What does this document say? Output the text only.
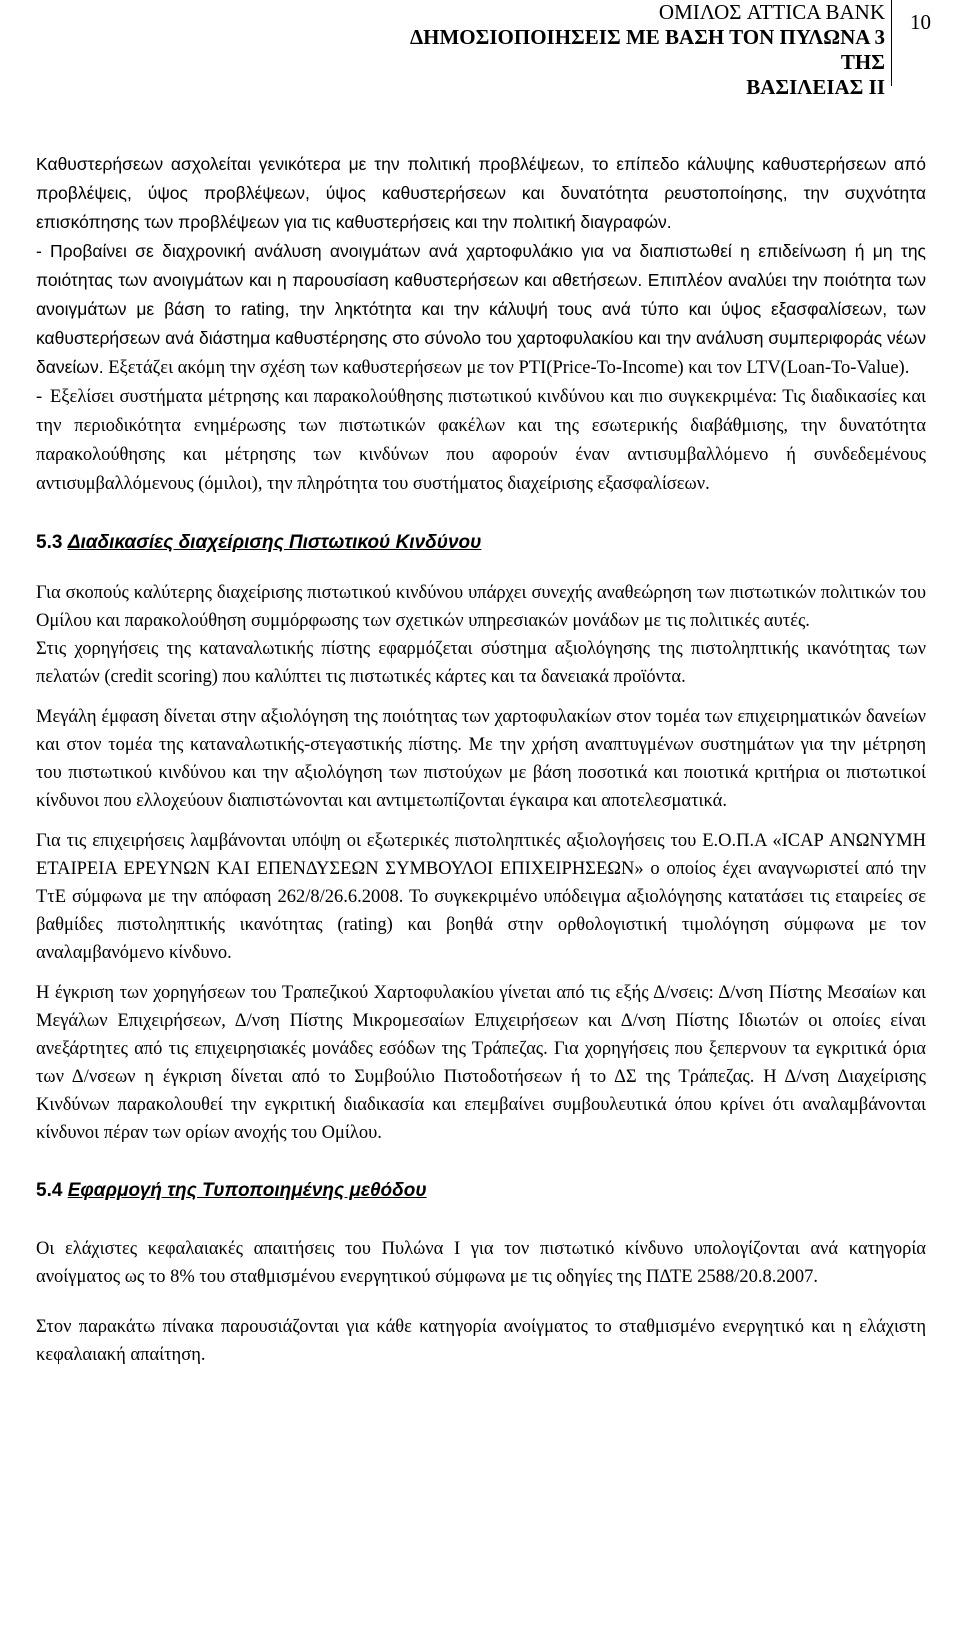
ΟΜΙΛΟΣ ATTICA BANK
ΔΗΜΟΣΙΟΠΟΙΗΣΕΙΣ ΜΕ ΒΑΣΗ ΤΟΝ ΠΥΛΩΝΑ 3 ΤΗΣ
ΒΑΣΙΛΕΙΑΣ ΙΙ
10

Καθυστερήσεων ασχολείται γενικότερα με την πολιτική προβλέψεων, το επίπεδο κάλυψης καθυστερήσεων από προβλέψεις, ύψος προβλέψεων, ύψος καθυστερήσεων και δυνατότητα ρευστοποίησης, την συχνότητα επισκόπησης των προβλέψεων για τις καθυστερήσεις και την πολιτική διαγραφών.

- Προβαίνει σε διαχρονική ανάλυση ανοιγμάτων ανά χαρτοφυλάκιο για να διαπιστωθεί η επιδείνωση ή μη της ποιότητας των ανοιγμάτων και η παρουσίαση καθυστερήσεων και αθετήσεων. Επιπλέον αναλύει την ποιότητα των ανοιγμάτων με βάση το rating, την ληκτότητα και την κάλυψή τους ανά τύπο και ύψος εξασφαλίσεων, των καθυστερήσεων ανά διάστημα καθυστέρησης στο σύνολο του χαρτοφυλακίου και την ανάλυση συμπεριφοράς νέων δανείων. Εξετάζει ακόμη την σχέση των καθυστερήσεων με τον PTI(Price-To-Income) και τον LTV(Loan-To-Value).

- Εξελίσει συστήματα μέτρησης και παρακολούθησης πιστωτικού κινδύνου και πιο συγκεκριμένα: Τις διαδικασίες και την περιοδικότητα ενημέρωσης των πιστωτικών φακέλων και της εσωτερικής διαβάθμισης, την δυνατότητα παρακολούθησης και μέτρησης των κινδύνων που αφορούν έναν αντισυμβαλλόμενο ή συνδεδεμένους αντισυμβαλλόμενους (όμιλοι), την πληρότητα του συστήματος διαχείρισης εξασφαλίσεων.

5.3 Διαδικασίες διαχείρισης Πιστωτικού Κινδύνου

Για σκοπούς καλύτερης διαχείρισης πιστωτικού κινδύνου υπάρχει συνεχής αναθεώρηση των πιστωτικών πολιτικών του Ομίλου και παρακολούθηση συμμόρφωσης των σχετικών υπηρεσιακών μονάδων με τις πολιτικές αυτές.

Στις χορηγήσεις της καταναλωτικής πίστης εφαρμόζεται σύστημα αξιολόγησης της πιστοληπτικής ικανότητας των πελατών (credit scoring) που καλύπτει τις πιστωτικές κάρτες και τα δανειακά προϊόντα.

Μεγάλη έμφαση δίνεται στην αξιολόγηση της ποιότητας των χαρτοφυλακίων στον τομέα των επιχειρηματικών δανείων και στον τομέα της καταναλωτικής-στεγαστικής πίστης. Με την χρήση αναπτυγμένων συστημάτων για την μέτρηση του πιστωτικού κινδύνου και την αξιολόγηση των πιστούχων με βάση ποσοτικά και ποιοτικά κριτήρια οι πιστωτικοί κίνδυνοι που ελλοχεύουν διαπιστώνονται και αντιμετωπίζονται έγκαιρα και αποτελεσματικά.

Για τις επιχειρήσεις λαμβάνονται υπόψη οι εξωτερικές πιστοληπτικές αξιολογήσεις του Ε.Ο.Π.Α «ICAP ΑΝΩΝΥΜΗ ΕΤΑΙΡΕΙΑ ΕΡΕΥΝΩΝ ΚΑΙ ΕΠΕΝΔΥΣΕΩΝ ΣΥΜΒΟΥΛΟΙ ΕΠΙΧΕΙΡΗΣΕΩΝ» ο οποίος έχει αναγνωριστεί από την ΤτΕ σύμφωνα με την απόφαση 262/8/26.6.2008. Το συγκεκριμένο υπόδειγμα αξιολόγησης κατατάσει τις εταιρείες σε βαθμίδες πιστοληπτικής ικανότητας (rating) και βοηθά στην ορθολογιστική τιμολόγηση σύμφωνα με τον αναλαμβανόμενο κίνδυνο.

Η έγκριση των χορηγήσεων του Τραπεζικού Χαρτοφυλακίου γίνεται από τις εξής Δ/νσεις: Δ/νση Πίστης Μεσαίων και Μεγάλων Επιχειρήσεων, Δ/νση Πίστης Μικρομεσαίων Επιχειρήσεων και Δ/νση Πίστης Ιδιωτών οι οποίες είναι ανεξάρτητες από τις επιχειρησιακές μονάδες εσόδων της Τράπεζας. Για χορηγήσεις που ξεπερνουν τα εγκριτικά όρια των Δ/νσεων η έγκριση δίνεται από το Συμβούλιο Πιστοδοτήσεων ή το ΔΣ της Τράπεζας. Η Δ/νση Διαχείρισης Κινδύνων παρακολουθεί την εγκριτική διαδικασία και επεμβαίνει συμβουλευτικά όπου κρίνει ότι αναλαμβάνονται κίνδυνοι πέραν των ορίων ανοχής του Ομίλου.

5.4 Εφαρμογή της Τυποποιημένης μεθόδου

Οι ελάχιστες κεφαλαιακές απαιτήσεις του Πυλώνα Ι για τον πιστωτικό κίνδυνο υπολογίζονται ανά κατηγορία ανοίγματος ως το 8% του σταθμισμένου ενεργητικού σύμφωνα με τις οδηγίες της ΠΔΤΕ 2588/20.8.2007.

Στον παρακάτω πίνακα παρουσιάζονται για κάθε κατηγορία ανοίγματος το σταθμισμένο ενεργητικό και η ελάχιστη κεφαλαιακή απαίτηση.
